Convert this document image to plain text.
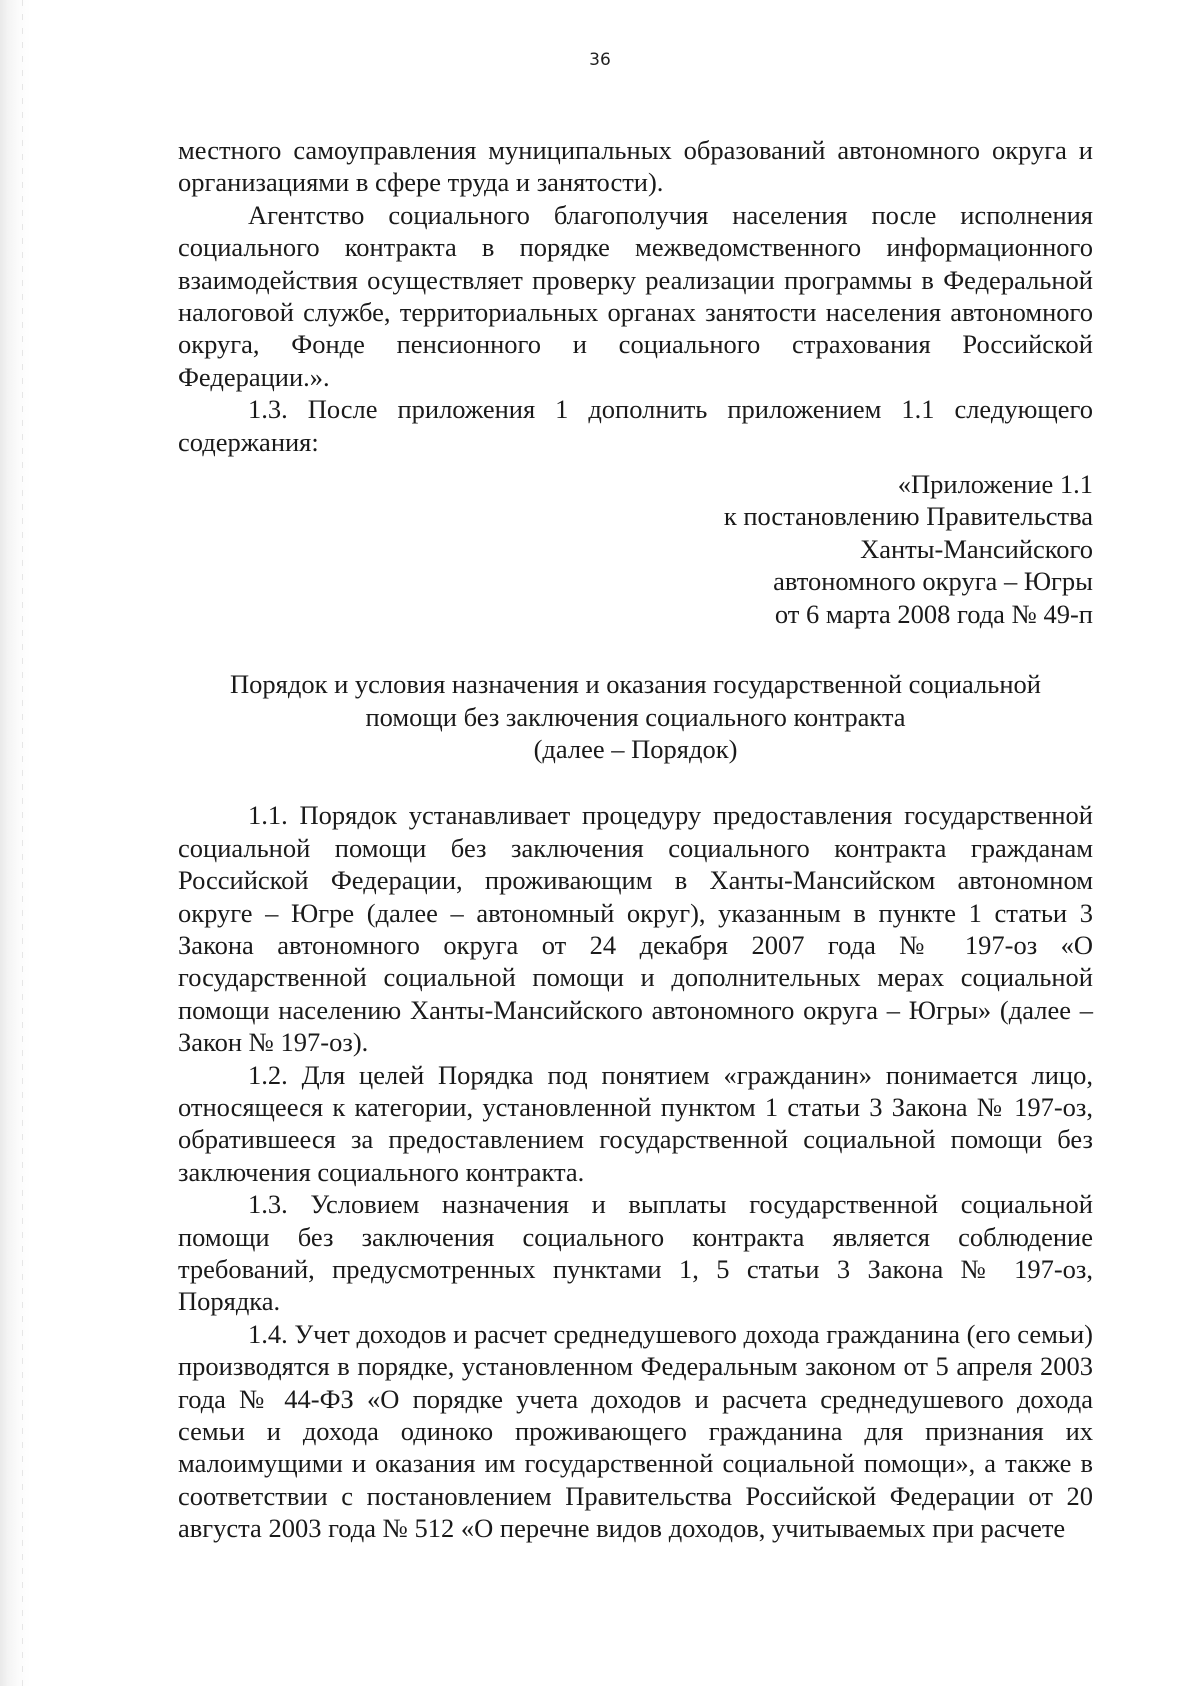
36

местного самоуправления муниципальных образований автономного округа и организациями в сфере труда и занятости).

Агентство социального благополучия населения после исполнения социального контракта в порядке межведомственного информационного взаимодействия осуществляет проверку реализации программы в Федеральной налоговой службе, территориальных органах занятости населения автономного округа, Фонде пенсионного и социального страхования Российской Федерации.».

1.3. После приложения 1 дополнить приложением 1.1 следующего содержания:

«Приложение 1.1
к постановлению Правительства
Ханты-Мансийского
автономного округа – Югры
от 6 марта 2008 года № 49-п
Порядок и условия назначения и оказания государственной социальной
помощи без заключения социального контракта
(далее – Порядок)

1.1. Порядок устанавливает процедуру предоставления государственной социальной помощи без заключения социального контракта гражданам Российской Федерации, проживающим в Ханты-Мансийском автономном округе – Югре (далее – автономный округ), указанным в пункте 1 статьи 3 Закона автономного округа от 24 декабря 2007 года № 197-оз «О государственной социальной помощи и дополнительных мерах социальной помощи населению Ханты-Мансийского автономного округа – Югры» (далее – Закон № 197-оз).

1.2. Для целей Порядка под понятием «гражданин» понимается лицо, относящееся к категории, установленной пунктом 1 статьи 3 Закона № 197-оз, обратившееся за предоставлением государственной социальной помощи без заключения социального контракта.

1.3. Условием назначения и выплаты государственной социальной помощи без заключения социального контракта является соблюдение требований, предусмотренных пунктами 1, 5 статьи 3 Закона № 197-оз, Порядка.

1.4. Учет доходов и расчет среднедушевого дохода гражданина (его семьи) производятся в порядке, установленном Федеральным законом от 5 апреля 2003 года № 44-ФЗ «О порядке учета доходов и расчета среднедушевого дохода семьи и дохода одиноко проживающего гражданина для признания их малоимущими и оказания им государственной социальной помощи», а также в соответствии с постановлением Правительства Российской Федерации от 20 августа 2003 года № 512 «О перечне видов доходов, учитываемых при расчете
